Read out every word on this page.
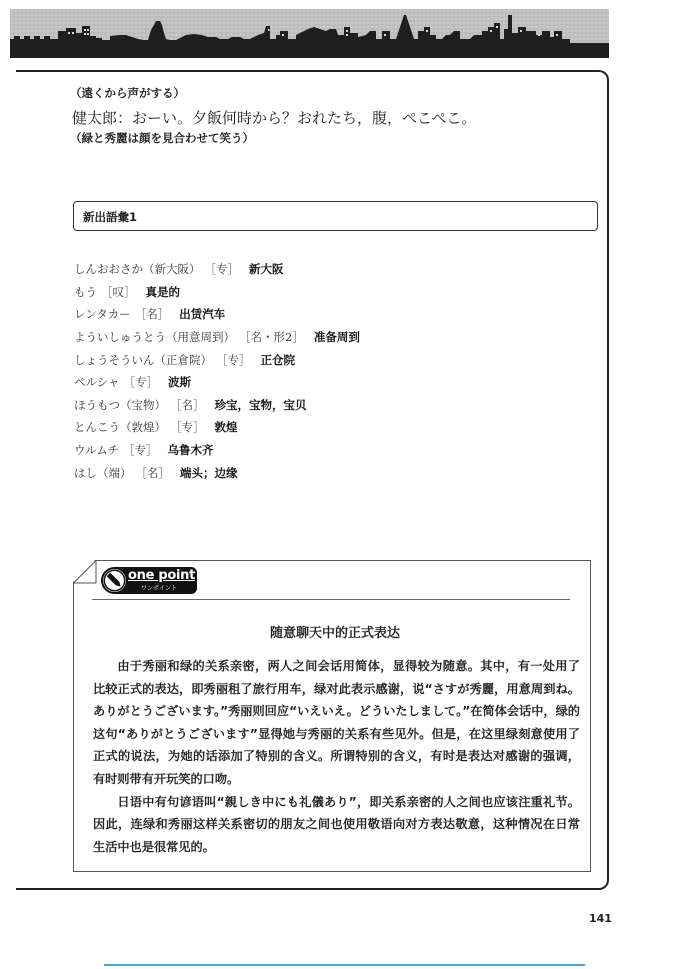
（遠くから声がする）
健太郎：おーい。夕飯何時から？おれたち，腹，ぺこぺこ。
（緑と秀麗は顔を見合わせて笑う）
新出語彙1
しんおおさか （新大阪） ［专］ 新大阪
もう ［叹］ 真是的
レンタカー ［名］ 出赁汽车
よういしゅうとう （用意周到） ［名・形2］ 准备周到
しょうそういん （正倉院） ［专］ 正仓院
ペルシャ ［专］ 波斯
ほうもつ （宝物） ［名］ 珍宝，宝物，宝贝
とんこう （敦煌） ［专］ 敦煌
ウルムチ ［专］ 乌鲁木齐
はし （端） ［名］ 端头；边缘
one point
ワンポイント
随意聊天中的正式表达

由于秀丽和绿的关系亲密，两人之间会话用简体，显得较为随意。其中，有一处用了比较正式的表达，即秀丽租了旅行用车，绿对此表示感谢，说“さすが秀麗，用意周到ね。ありがとうございます。”秀丽则回应“いえいえ。どういたしまして。”在简体会话中，绿的这句“ありがとうございます”显得她与秀丽的关系有些见外。但是，在这里绿刻意使用了正式的说法，为她的话添加了特别的含义。所谓特别的含义，有时是表达对感谢的强调，有时则带有开玩笑的口吻。

日语中有句谚语叫“親しき中にも礼儀あり”，即关系亲密的人之间也应该注重礼节。因此，连绿和秀丽这样关系密切的朋友之间也使用敬语向对方表达敬意，这种情况在日常生活中也是很常见的。

141
